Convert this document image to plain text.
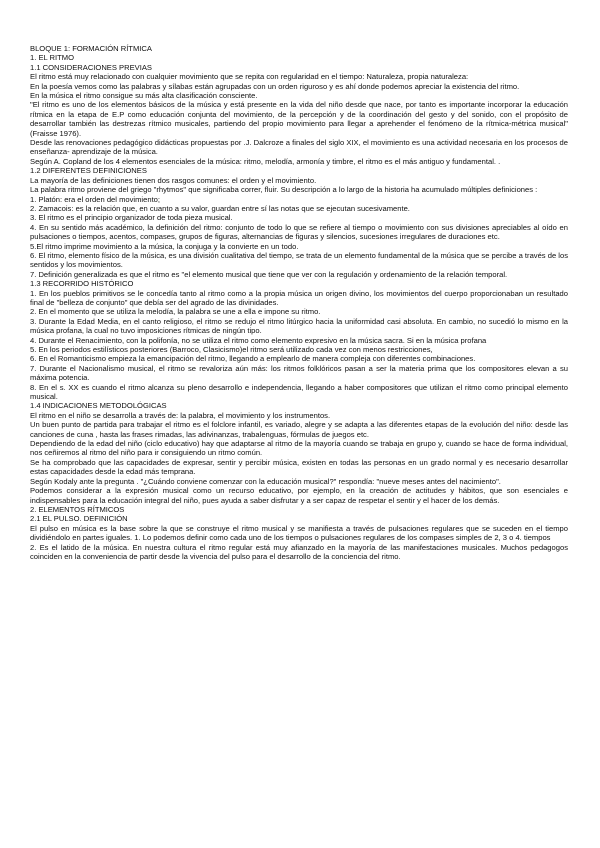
BLOQUE 1: FORMACIÓN RÍTMICA

1. EL RITMO

1.1 CONSIDERACIONES PREVIAS

El ritmo está muy relacionado con cualquier movimiento que se repita con regularidad en el tiempo: Naturaleza, propia naturaleza:

En la poesía vemos como las palabras y sílabas están agrupadas con un orden riguroso y es ahí donde podemos apreciar la existencia del ritmo.

En la música el ritmo consigue su más alta clasificación consciente.

"El ritmo es uno de los elementos básicos de la música y está presente en la vida del niño desde que nace, por tanto es importante incorporar la educación rítmica en la etapa de E.P como educación conjunta del movimiento, de la percepción y de la coordinación del gesto y del sonido, con el propósito de desarrollar también las destrezas rítmico musicales, partiendo del propio movimiento para llegar a aprehender el fenómeno de la rítmica-métrica musical"(Fraisse 1976).

Desde las renovaciones pedagógico didácticas propuestas por .J. Dalcroze a finales del siglo XIX, el movimiento es una actividad necesaria en los procesos de enseñanza- aprendizaje de la música.

Según A. Copland de los 4 elementos esenciales de la música: ritmo, melodía, armonía y timbre, el ritmo es el más antiguo y fundamental. .

1.2 DIFERENTES DEFINICIONES

La mayoría de las definiciones tienen dos rasgos comunes: el orden y el movimiento.

La palabra ritmo proviene del griego "rhytmos" que significaba correr, fluir. Su descripción a lo largo de la historia ha acumulado múltiples definiciones :

1. Platón: era el orden del movimiento;

2. Zamacois: es la relación que, en cuanto a su valor, guardan entre sí las notas que se ejecutan sucesivamente.

3. El ritmo es el principio organizador de toda pieza musical.

4. En su sentido más académico, la definición del ritmo: conjunto de todo lo que se refiere al tiempo o movimiento con sus divisiones apreciables al oído en pulsaciones o tiempos, acentos, compases, grupos de figuras, alternancias de figuras y silencios, sucesiones irregulares de duraciones etc.

5.El ritmo imprime movimiento a la música, la conjuga y la convierte en un todo.

6. El ritmo, elemento físico de la música, es una división cualitativa del tiempo, se trata de un elemento fundamental de la música que se percibe a través de los sentidos y los movimientos.

7. Definición generalizada es que el ritmo es "el elemento musical que tiene que ver con la regulación y ordenamiento de la relación temporal.

1.3 RECORRIDO HISTÓRICO

1. En los pueblos primitivos se le concedía tanto al ritmo como a la propia música un origen divino, los movimientos del cuerpo proporcionaban un resultado final de "belleza de conjunto" que debía ser del agrado de las divinidades.

2. En el momento que se utiliza la melodía, la palabra se une a ella e impone su ritmo.

3. Durante la Edad Media, en el canto religioso, el ritmo se redujo el ritmo litúrgico hacia la uniformidad casi absoluta. En cambio, no sucedió lo mismo en la música profana, la cual no tuvo imposiciones rítmicas de ningún tipo.

4. Durante el Renacimiento, con la polifonía, no se utiliza el ritmo como elemento expresivo en la música sacra. Si en la música profana

5. En los periodos estilísticos posteriores (Barroco, Clasicismo)el ritmo será utilizado cada vez con menos restricciones,

6. En el Romanticismo empieza la emancipación del ritmo, llegando a emplearlo de manera compleja con diferentes combinaciones.

7. Durante el Nacionalismo musical, el ritmo se revaloriza aún más: los ritmos folklóricos pasan a ser la materia prima que los compositores elevan a su máxima potencia.

8. En el s. XX es cuando el ritmo alcanza su pleno desarrollo e independencia, llegando a haber compositores que utilizan el ritmo como principal elemento musical.

1.4 INDICACIONES METODOLÓGICAS

El ritmo en el niño se desarrolla a través de: la palabra, el movimiento y los instrumentos.

Un buen punto de partida para trabajar el ritmo es el folclore infantil, es variado, alegre y se adapta a las diferentes etapas de la evolución del niño: desde las canciones de cuna , hasta las frases rimadas, las adivinanzas, trabalenguas, fórmulas de juegos etc.

Dependiendo de la edad del niño (ciclo educativo) hay que adaptarse al ritmo de la mayoría cuando se trabaja en grupo y, cuando se hace de forma individual, nos ceñiremos al ritmo del niño para ir consiguiendo un ritmo común.

Se ha comprobado que las capacidades de expresar, sentir y percibir música, existen en todas las personas en un grado normal y es necesario desarrollar estas capacidades desde la edad más temprana.

Según Kodaly ante la pregunta . "¿Cuándo conviene comenzar con la educación musical?" respondía: "nueve meses antes del nacimiento".

Podemos considerar a la expresión musical como un recurso educativo, por ejemplo, en la creación de actitudes y hábitos, que son esenciales e indispensables para la educación integral del niño, pues ayuda a saber disfrutar y a ser capaz de respetar el sentir y el hacer de los demás.

2. ELEMENTOS RÍTMICOS

2.1 EL PULSO. DEFINICIÓN

El pulso en música es la base sobre la que se construye el ritmo musical y se manifiesta a través de pulsaciones regulares que se suceden en el tiempo dividiéndolo en partes iguales. 1. Lo podemos definir como cada uno de los tiempos o pulsaciones regulares de los compases simples de 2, 3 o 4. tiempos

2. Es el latido de la música. En nuestra cultura el ritmo regular está muy afianzado en la mayoría de las manifestaciones musicales. Muchos pedagogos coinciden en la conveniencia de partir desde la vivencia del pulso para el desarrollo de la conciencia del ritmo.
